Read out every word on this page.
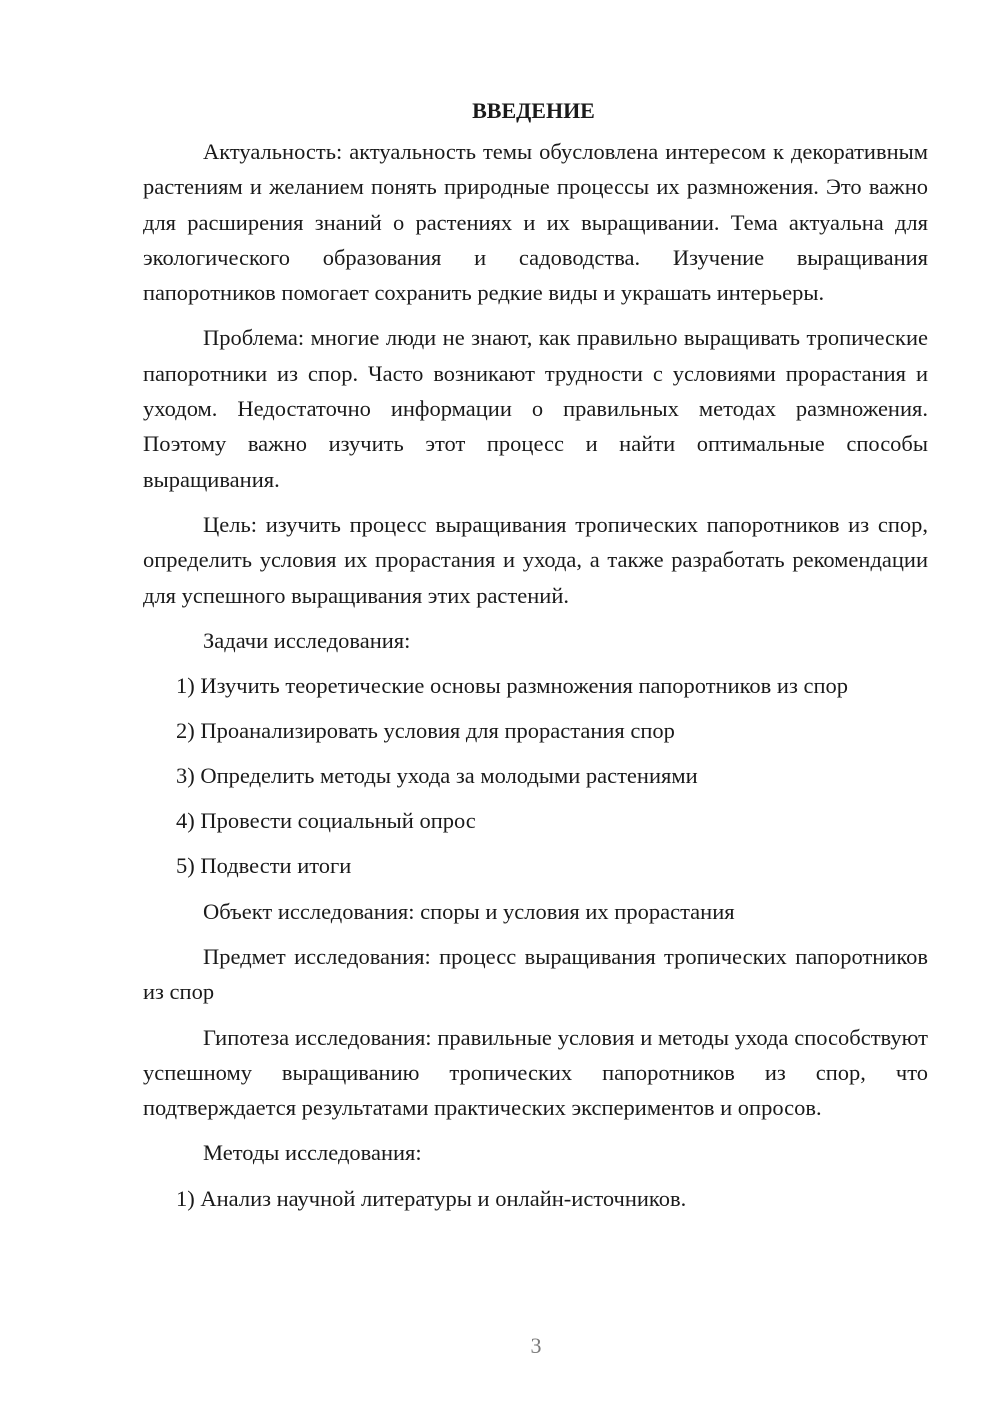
ВВЕДЕНИЕ

Актуальность: актуальность темы обусловлена интересом к декоративным растениям и желанием понять природные процессы их размножения. Это важно для расширения знаний о растениях и их выращивании. Тема актуальна для экологического образования и садоводства. Изучение выращивания папоротников помогает сохранить редкие виды и украшать интерьеры.

Проблема: многие люди не знают, как правильно выращивать тропические папоротники из спор. Часто возникают трудности с условиями прорастания и уходом. Недостаточно информации о правильных методах размножения. Поэтому важно изучить этот процесс и найти оптимальные способы выращивания.

Цель: изучить процесс выращивания тропических папоротников из спор, определить условия их прорастания и ухода, а также разработать рекомендации для успешного выращивания этих растений.

Задачи исследования:

1) Изучить теоретические основы размножения папоротников из спор

2) Проанализировать условия для прорастания спор

3) Определить методы ухода за молодыми растениями

4) Провести социальный опрос

5) Подвести итоги

Объект исследования: споры и условия их прорастания

Предмет исследования: процесс выращивания тропических папоротников из спор

Гипотеза исследования: правильные условия и методы ухода способствуют успешному выращиванию тропических папоротников из спор, что подтверждается результатами практических экспериментов и опросов.

Методы исследования:

1) Анализ научной литературы и онлайн-источников.

3
